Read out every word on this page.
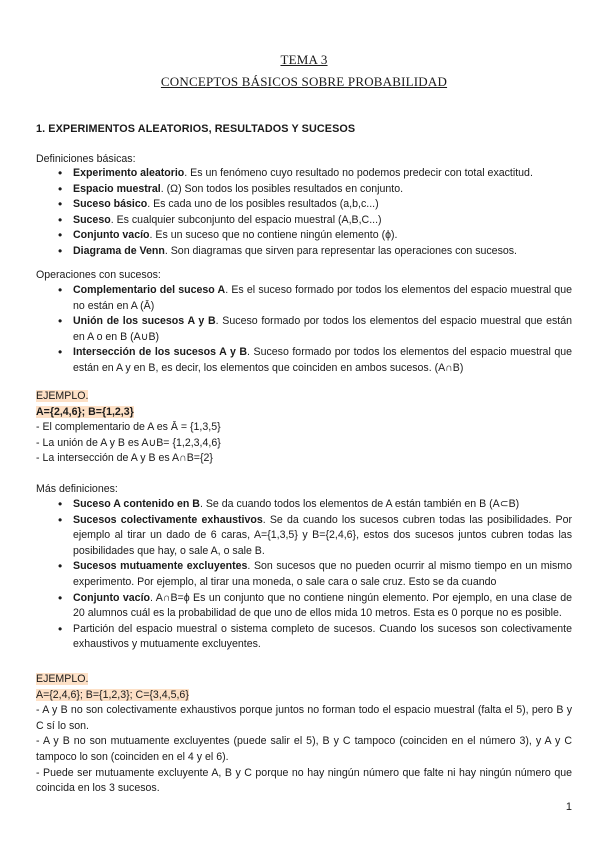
TEMA 3
CONCEPTOS BÁSICOS SOBRE PROBABILIDAD
1. EXPERIMENTOS ALEATORIOS, RESULTADOS Y SUCESOS
Definiciones básicas:
• Experimento aleatorio. Es un fenómeno cuyo resultado no podemos predecir con total exactitud.
• Espacio muestral. (Ω) Son todos los posibles resultados en conjunto.
• Suceso básico. Es cada uno de los posibles resultados (a,b,c...)
• Suceso. Es cualquier subconjunto del espacio muestral (A,B,C...)
• Conjunto vacío. Es un suceso que no contiene ningún elemento (ϕ).
• Diagrama de Venn. Son diagramas que sirven para representar las operaciones con sucesos.
Operaciones con sucesos:
• Complementario del suceso A. Es el suceso formado por todos los elementos del espacio muestral que no están en A (Ā)
• Unión de los sucesos A y B. Suceso formado por todos los elementos del espacio muestral que están en A o en B (A∪B)
• Intersección de los sucesos A y B. Suceso formado por todos los elementos del espacio muestral que están en A y en B, es decir, los elementos que coinciden en ambos sucesos. (A∩B)
EJEMPLO.
A={2,4,6}; B={1,2,3}
- El complementario de A es Ā = {1,3,5}
- La unión de A y B es A∪B= {1,2,3,4,6}
- La intersección de A y B es A∩B={2}
Más definiciones:
• Suceso A contenido en B. Se da cuando todos los elementos de A están también en B (A⊂B)
• Sucesos colectivamente exhaustivos. Se da cuando los sucesos cubren todas las posibilidades. Por ejemplo al tirar un dado de 6 caras, A={1,3,5} y B={2,4,6}, estos dos sucesos juntos cubren todas las posibilidades que hay, o sale A, o sale B.
• Sucesos mutuamente excluyentes. Son sucesos que no pueden ocurrir al mismo tiempo en un mismo experimento. Por ejemplo, al tirar una moneda, o sale cara o sale cruz. Esto se da cuando
• Conjunto vacío. A∩B=ϕ Es un conjunto que no contiene ningún elemento. Por ejemplo, en una clase de 20 alumnos cuál es la probabilidad de que uno de ellos mida 10 metros. Esta es 0 porque no es posible.
• Partición del espacio muestral o sistema completo de sucesos. Cuando los sucesos son colectivamente exhaustivos y mutuamente excluyentes.
EJEMPLO.
A={2,4,6}; B={1,2,3}; C={3,4,5,6}
- A y B no son colectivamente exhaustivos porque juntos no forman todo el espacio muestral (falta el 5), pero B y C sí lo son.
- A y B no son mutuamente excluyentes (puede salir el 5), B y C tampoco (coinciden en el número 3), y A y C tampoco lo son (coinciden en el 4 y el 6).
- Puede ser mutuamente excluyente A, B y C porque no hay ningún número que falte ni hay ningún número que coincida en los 3 sucesos.
1
